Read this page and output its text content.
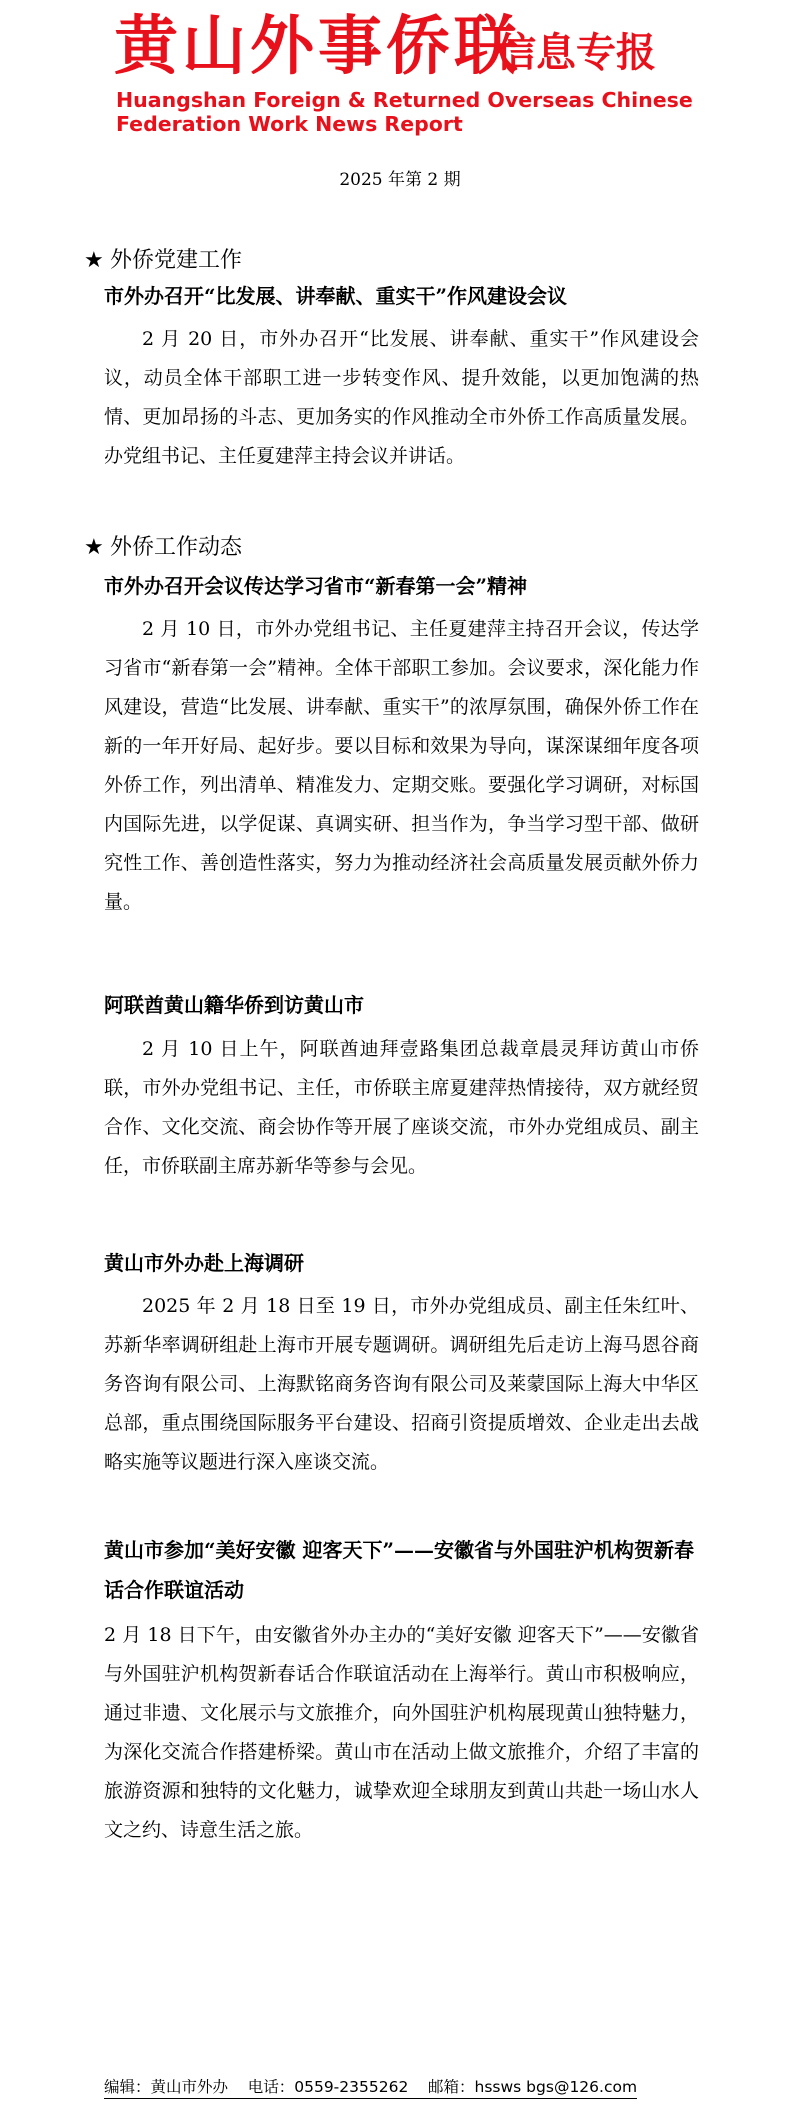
黄山外事侨联
信息专报
Huangshan Foreign & Returned Overseas Chinese
Federation Work News Report
2025 年第 2 期
★ 外侨党建工作
市外办召开“比发展、讲奉献、重实干”作风建设会议
2 月 20 日，市外办召开“比发展、讲奉献、重实干”作风建设会议，动员全体干部职工进一步转变作风、提升效能，以更加饱满的热情、更加昂扬的斗志、更加务实的作风推动全市外侨工作高质量发展。办党组书记、主任夏建萍主持会议并讲话。
★ 外侨工作动态
市外办召开会议传达学习省市“新春第一会”精神
2 月 10 日，市外办党组书记、主任夏建萍主持召开会议，传达学习省市“新春第一会”精神。全体干部职工参加。会议要求，深化能力作风建设，营造“比发展、讲奉献、重实干”的浓厚氛围，确保外侨工作在新的一年开好局、起好步。要以目标和效果为导向，谋深谋细年度各项外侨工作，列出清单、精准发力、定期交账。要强化学习调研，对标国内国际先进，以学促谋、真调实研、担当作为，争当学习型干部、做研究性工作、善创造性落实，努力为推动经济社会高质量发展贡献外侨力量。
阿联酋黄山籍华侨到访黄山市
2 月 10 日上午，阿联酋迪拜壹路集团总裁章晨灵拜访黄山市侨联，市外办党组书记、主任，市侨联主席夏建萍热情接待，双方就经贸合作、文化交流、商会协作等开展了座谈交流，市外办党组成员、副主任，市侨联副主席苏新华等参与会见。
黄山市外办赴上海调研
2025 年 2 月 18 日至 19 日，市外办党组成员、副主任朱红叶、苏新华率调研组赴上海市开展专题调研。调研组先后走访上海马恩谷商务咨询有限公司、上海默铭商务咨询有限公司及莱蒙国际上海大中华区总部，重点围绕国际服务平台建设、招商引资提质增效、企业走出去战略实施等议题进行深入座谈交流。
黄山市参加“美好安徽 迎客天下”——安徽省与外国驻沪机构贺新春话合作联谊活动
2 月 18 日下午，由安徽省外办主办的“美好安徽 迎客天下”——安徽省与外国驻沪机构贺新春话合作联谊活动在上海举行。黄山市积极响应，通过非遗、文化展示与文旅推介，向外国驻沪机构展现黄山独特魅力，为深化交流合作搭建桥梁。黄山市在活动上做文旅推介，介绍了丰富的旅游资源和独特的文化魅力，诚挚欢迎全球朋友到黄山共赴一场山水人文之约、诗意生活之旅。
编辑：黄山市外办 电话：0559-2355262 邮箱：hssws bgs@126.com
